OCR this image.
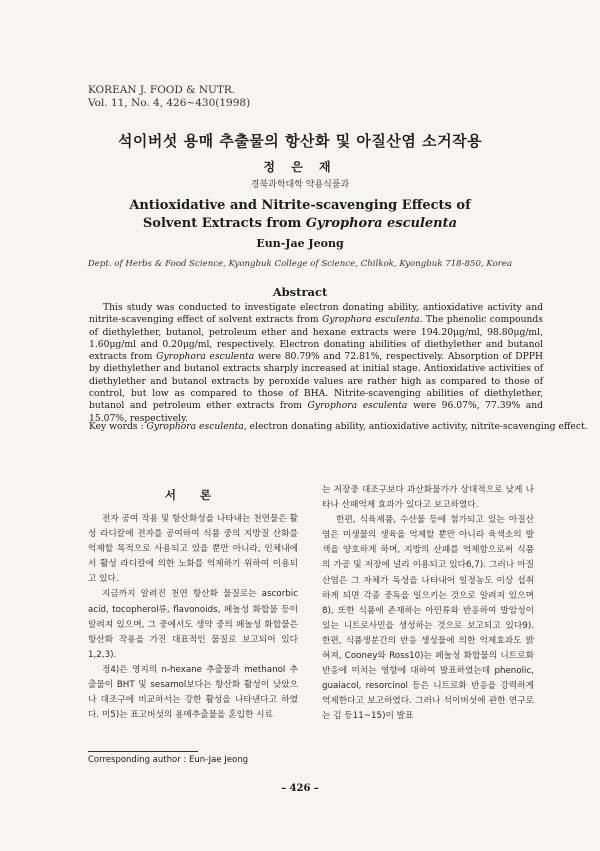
KOREAN J. FOOD & NUTR.
Vol. 11, No. 4, 426~430(1998)
석이버섯 용매 추출물의 항산화 및 아질산염 소거작용
정 은 재
경북과학대학 약용식품과
Antioxidative and Nitrite-scavenging Effects of
Solvent Extracts from Gyrophora esculenta
Eun-Jae Jeong
Dept. of Herbs & Food Science, Kyongbuk College of Science, Chilkok, Kyongbuk 718-850, Korea
Abstract
This study was conducted to investigate electron donating ability, antioxidative activity and nitrite-scavenging effect of solvent extracts from Gyrophora esculenta. The phenolic compounds of diethylether, butanol, petroleum ether and hexane extracts were 194.20μg/ml, 98.80μg/ml, 1.60μg/ml and 0.20μg/ml, respectively. Electron donating abilities of diethylether and butanol extracts from Gyrophora esculenta were 80.79% and 72.81%, respectively. Absorption of DPPH by diethylether and butanol extracts sharply increased at initial stage. Antioxidative activities of diethylether and butanol extracts by peroxide values are rather high as compared to those of control, but low as compared to those of BHA. Nitrite-scavenging abilities of diethylether, butanol and petroleum ether extracts from Gyrophora esculenta were 96.07%, 77.39% and 15.07%, respectively.
Key words : Gyrophora esculenta, electron donating ability, antioxidative activity, nitrite-scavenging effect.
서 론

전자 공여 작용 및 항산화성을 나타내는 천연물은 활성 라디칼에 전자를 공여하여 식품 중의 지방질 산화를 억제할 목적으로 사용되고 있을 뿐만 아니라, 인체내에서 활성 라디칼에 의한 노화를 억제하기 위하여 이용되고 있다.

지금까지 알려진 천연 항산화 물질로는 ascorbic acid, tocopherol류, flavonoids, 페놀성 화합물 등이 알려져 있으며, 그 중에서도 생약 중의 페놀성 화합물은 항산화 작용을 가진 대표적인 물질로 보고되어 있다1,2,3).

정4)은 영지의 n-hexane 추출물과 methanol 추출물이 BHT 및 sesamol보다는 항산화 활성이 낮았으나 대조구에 비교하서는 강한 활성을 나타낸다고 하였다. 미5)는 표고버섯의 용매추출물을 혼입한 시료

는 저장중 대조구보다 과산화물가가 상대적으로 낮게 나타나 산패억제 효과가 있다고 보고하였다.

한편, 식육제품, 수산물 등에 첨가되고 있는 아질산염은 미생물의 생육을 억제할 뿐만 아니라 육색소의 발색을 양호하게 하며, 지방의 산패를 억제함으로써 식품의 가공 및 저장에 널리 이용되고 있다6,7). 그러나 아질산염은 그 자체가 독성을 나타내어 일정농도 이상 섭취하게 되면 각종 중독을 일으키는 것으로 알려져 있으며8), 또한 식품에 존재하는 아민류와 반응하여 발암성이 있는 니트로사민을 생성하는 것으로 보고되고 있다9). 한편, 식품생분간의 반응 생성물에 의한 억제효과도 밝혀져, Cooney와 Ross10)는 페놀성 화합물의 니트로화 반응에 미치는 영향에 대하여 발표하였는데 phenolic, guaiacol, resorcinol 등은 니트로화 반응을 강력하게 억제한다고 보고하였다. 그러나 석이버섯에 관한 연구로는 김 등11~15)이 발표

Corresponding author : Eun-Jae Jeong
– 426 –
